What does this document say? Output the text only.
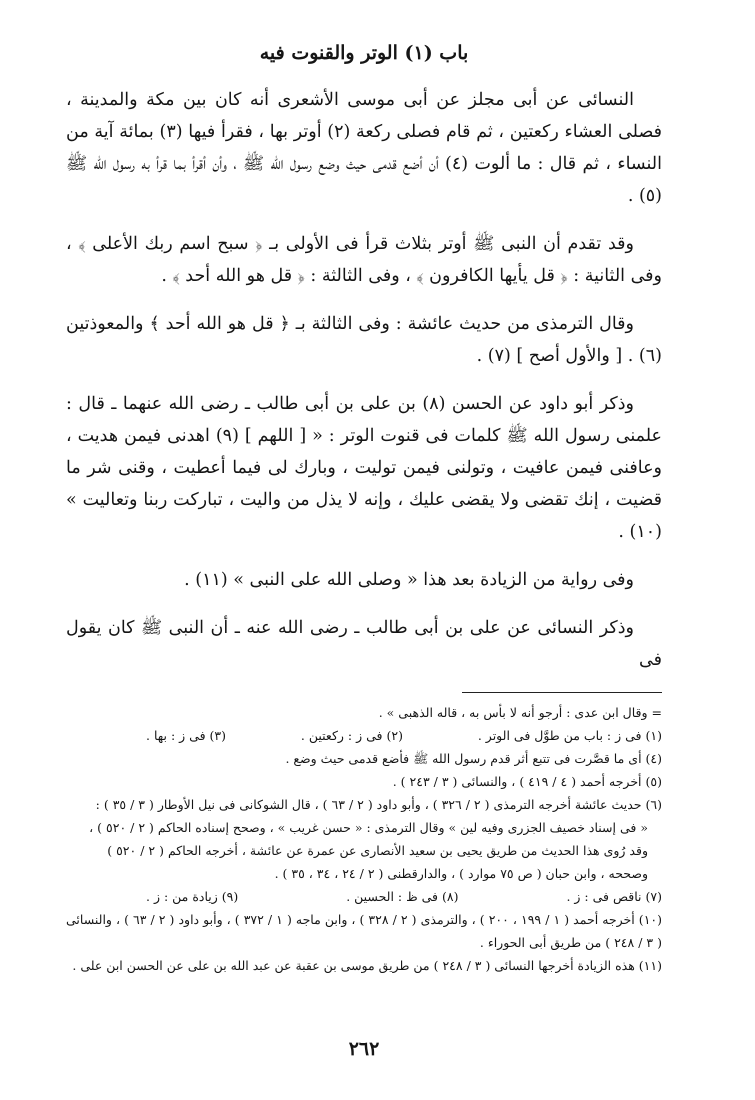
باب (١) الوتر والقنوت فيه

النسائى عن أبى مجلز عن أبى موسى الأشعرى أنه كان بين مكة والمدينة ، فصلى العشاء ركعتين ، ثم قام فصلى ركعة (٢) أوتر بها ، فقرأ فيها (٣) بمائة آية من النساء ، ثم قال : ما ألوت (٤) أن أضع قدمى حيث وضع رسول الله ﷺ ، وأن أقرأ بما قرأ به رسول الله ﷺ (٥) .

وقد تقدم أن النبى ﷺ أوتر بثلاث قرأ فى الأولى بـ ﴿ سبح اسم ربك الأعلى ﴾ ، وفى الثانية : ﴿ قل يأيها الكافرون ﴾ ، وفى الثالثة : ﴿ قل هو الله أحد ﴾ .

وقال الترمذى من حديث عائشة : وفى الثالثة بـ ﴿ قل هو الله أحد ﴾ والمعوذتين (٦) . [ والأول أصح ] (٧) .

وذكر أبو داود عن الحسن (٨) بن على بن أبى طالب ـ رضى الله عنهما ـ قال : علمنى رسول الله ﷺ كلمات فى قنوت الوتر : « [ اللهم ] (٩) اهدنى فيمن هديت ، وعافنى فيمن عافيت ، وتولنى فيمن توليت ، وبارك لى فيما أعطيت ، وقنى شر ما قضيت ، إنك تقضى ولا يقضى عليك ، وإنه لا يذل من واليت ، تباركت ربنا وتعاليت » (١٠) .

وفى رواية من الزيادة بعد هذا « وصلى الله على النبى » (١١) .

وذكر النسائى عن على بن أبى طالب ـ رضى الله عنه ـ أن النبى ﷺ كان يقول فى

= وقال ابن عدى : أرجو أنه لا بأس به ، قاله الذهبى » .

(١) فى ز : باب من طوَّل فى الوتر .
(٢) فى ز : ركعتين .
(٣) فى ز : بها .

(٤) أى ما قصَّرت فى تتبع أثر قدم رسول الله ﷺ فأضع قدمى حيث وضع .

(٥) أخرجه أحمد ( ٤ / ٤١٩ ) ، والنسائى ( ٣ / ٢٤٣ ) .

(٦) حديث عائشة أخرجه الترمذى ( ٢ / ٣٢٦ ) ، وأبو داود ( ٢ / ٦٣ ) ، قال الشوكانى فى نيل الأوطار ( ٣ / ٣٥ ) :

« فى إسناد خصيف الجزرى وفيه لين » وقال الترمذى : « حسن غريب » ، وصحح إسناده الحاكم ( ٢ / ٥٢٠ ) ،

وقد رُوى هذا الحديث من طريق يحيى بن سعيد الأنصارى عن عمرة عن عائشة ، أخرجه الحاكم ( ٢ / ٥٢٠ )

وصححه ، وابن حبان ( ص ٧٥ موارد ) ، والدارقطنى ( ٢ / ٢٤ ، ٣٤ ، ٣٥ ) .

(٧) ناقص فى : ز .
(٨) فى ظ : الحسين .
(٩) زيادة من : ز .

(١٠) أخرجه أحمد ( ١ / ١٩٩ ، ٢٠٠ ) ، والترمذى ( ٢ / ٣٢٨ ) ، وابن ماجه ( ١ / ٣٧٢ ) ، وأبو داود ( ٢ / ٦٣ ) ، والنسائى ( ٣ / ٢٤٨ ) من طريق أبى الحوراء .

(١١) هذه الزيادة أخرجها النسائى ( ٣ / ٢٤٨ ) من طريق موسى بن عقبة عن عبد الله بن على عن الحسن ابن على .

٢٦٢
